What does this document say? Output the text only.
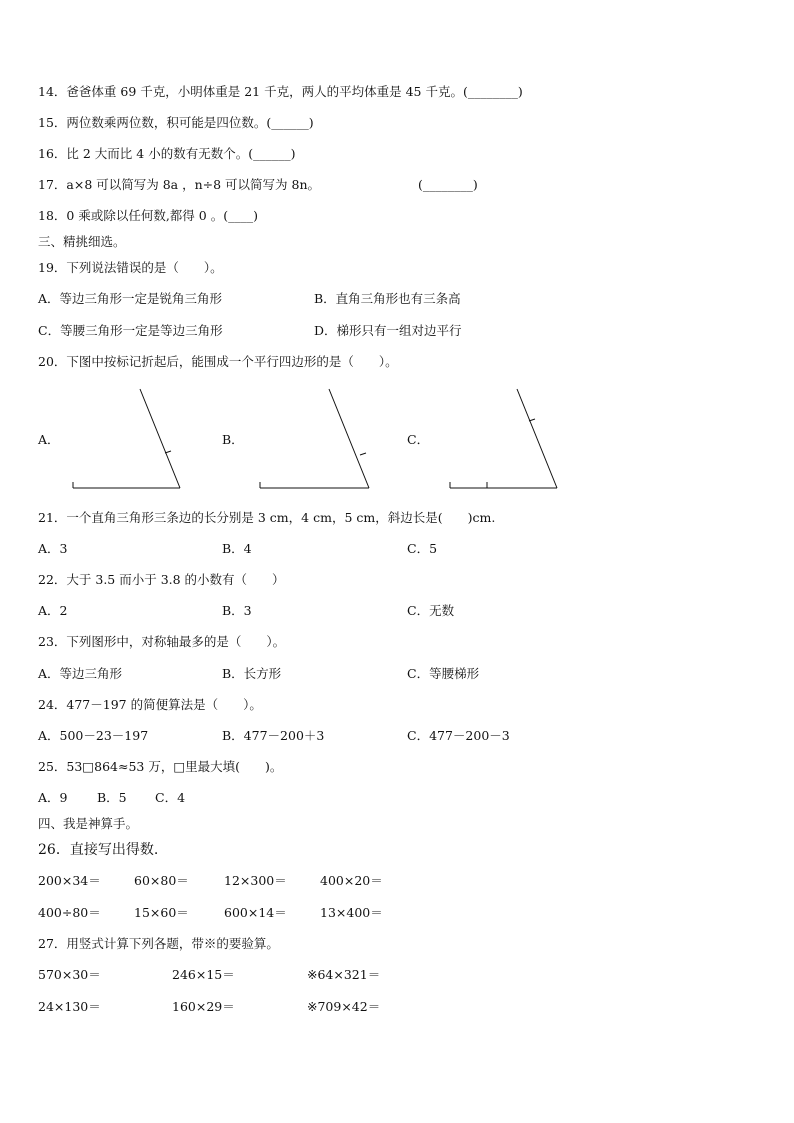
14．爸爸体重 69 千克，小明体重是 21 千克，两人的平均体重是 45 千克。(________)
15．两位数乘两位数，积可能是四位数。(______)
16．比 2 大而比 4 小的数有无数个。(______)
17．a×8 可以简写为 8a ，n÷8 可以简写为 8n。	(________)
18．0 乘或除以任何数,都得 0 。(____)
三、精挑细选。
19．下列说法错误的是（　　）。
A．等边三角形一定是锐角三角形	B．直角三角形也有三条高
C．等腰三角形一定是等边三角形	D．梯形只有一组对边平行
20．下图中按标记折起后，能围成一个平行四边形的是（　　）。
A．	B．	C．
21．一个直角三角形三条边的长分别是 3 cm，4 cm，5 cm，斜边长是(　　)cm.
A．3	B．4	C．5
22．大于 3.5 而小于 3.8 的小数有（　　）
A．2	B．3	C．无数
23．下列图形中，对称轴最多的是（　　）。
A．等边三角形	B．长方形	C．等腰梯形
24．477－197 的简便算法是（　　）。
A．500－23－197	B．477－200＋3	C．477－200－3
25．53□864≈53 万，□里最大填(　　)。
A．9 B．5 C．4
四、我是神算手。
26．直接写出得数.
200×34＝	60×80＝	12×300＝	400×20＝
400÷80＝	15×60＝	600×14＝	13×400＝
27．用竖式计算下列各题，带※的要验算。
570×30＝	246×15＝	※64×321＝
24×130＝	160×29＝	※709×42＝
